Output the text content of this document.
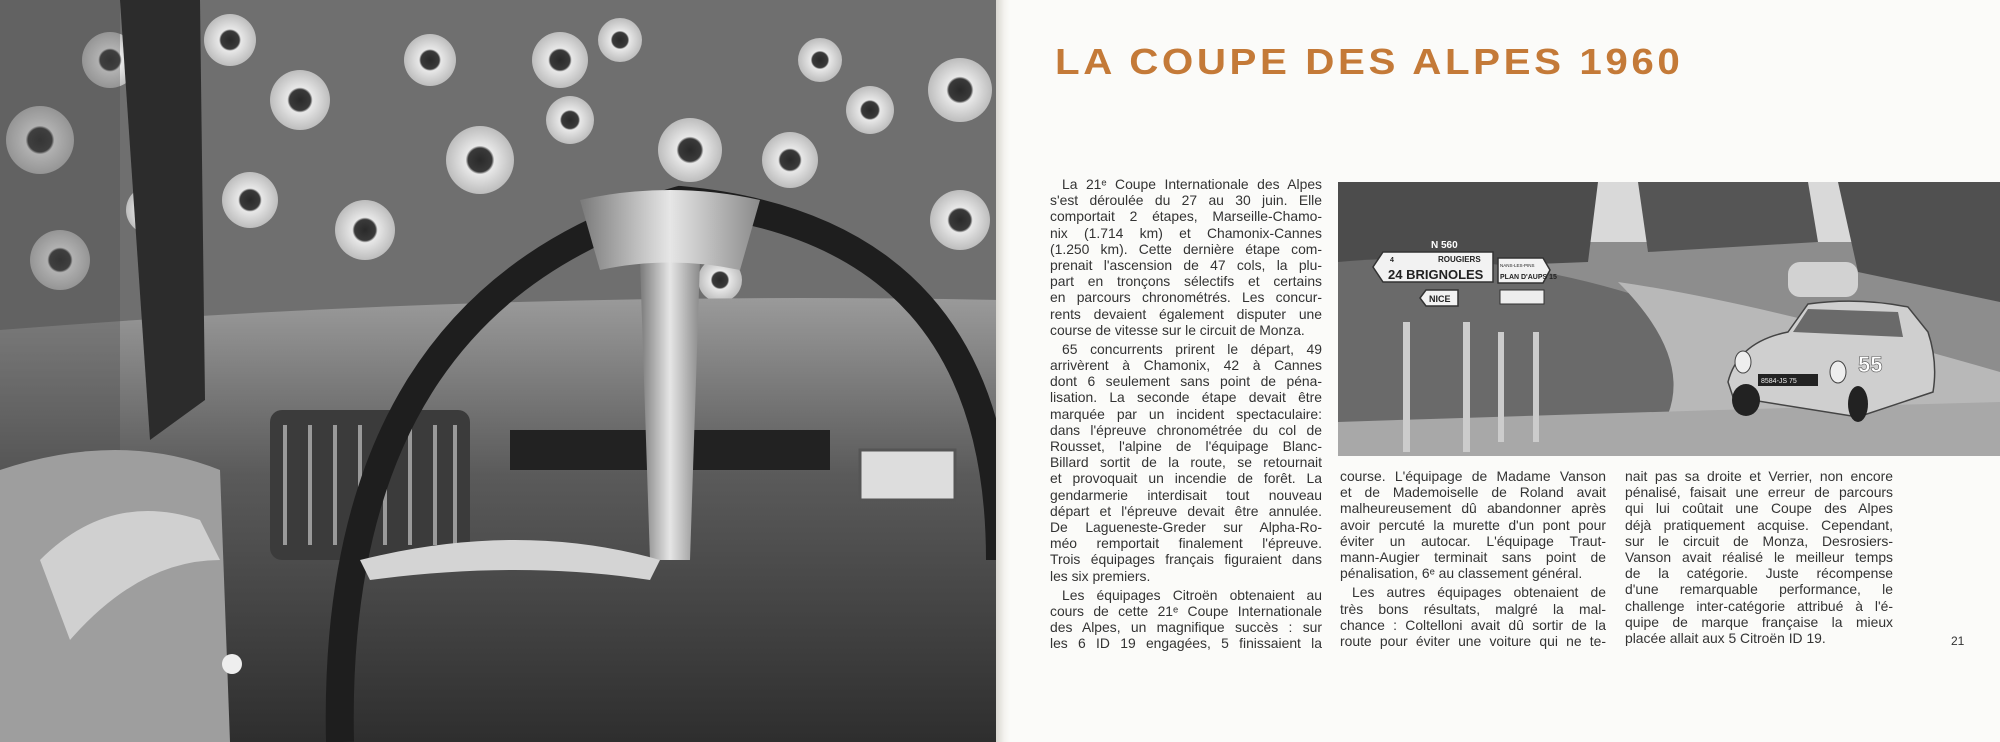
LA COUPE DES ALPES 1960
La 21ᵉ Coupe Internationale des Alpes
s'est déroulée du 27 au 30 juin. Elle
comportait 2 étapes, Marseille-Chamo-
nix (1.714 km) et Chamonix-Cannes
(1.250 km). Cette dernière étape com-
prenait l'ascension de 47 cols, la plu-
part en tronçons sélectifs et certains
en parcours chronométrés. Les concur-
rents devaient également disputer une
course de vitesse sur le circuit de Monza.
65 concurrents prirent le départ, 49
arrivèrent à Chamonix, 42 à Cannes
dont 6 seulement sans point de péna-
lisation. La seconde étape devait être
marquée par un incident spectaculaire:
dans l'épreuve chronométrée du col de
Rousset, l'alpine de l'équipage Blanc-
Billard sortit de la route, se retournait
et provoquait un incendie de forêt. La
gendarmerie interdisait tout nouveau
départ et l'épreuve devait être annulée.
De Lagueneste-Greder sur Alpha-Ro-
méo remportait finalement l'épreuve.
Trois équipages français figuraient dans
les six premiers.
Les équipages Citroën obtenaient au
cours de cette 21ᵉ Coupe Internationale
des Alpes, un magnifique succès : sur
les 6 ID 19 engagées, 5 finissaient la
N 560
4	ROUGIERS
24 BRIGNOLES
NICE
NANS-LES-PINS
PLAN D'AUPS 15
8584-JS 75
55
course. L'équipage de Madame Vanson
et de Mademoiselle de Roland avait
malheureusement dû abandonner après
avoir percuté la murette d'un pont pour
éviter un autocar. L'équipage Traut-
mann-Augier terminait sans point de
pénalisation, 6ᵉ au classement général.
Les autres équipages obtenaient de
très bons résultats, malgré la mal-
chance : Coltelloni avait dû sortir de la
route pour éviter une voiture qui ne te-
nait pas sa droite et Verrier, non encore
pénalisé, faisait une erreur de parcours
qui lui coûtait une Coupe des Alpes
déjà pratiquement acquise. Cependant,
sur le circuit de Monza, Desrosiers-
Vanson avait réalisé le meilleur temps
de la catégorie. Juste récompense
d'une remarquable performance, le
challenge inter-catégorie attribué à l'é-
quipe de marque française la mieux
placée allait aux 5 Citroën ID 19.	21
